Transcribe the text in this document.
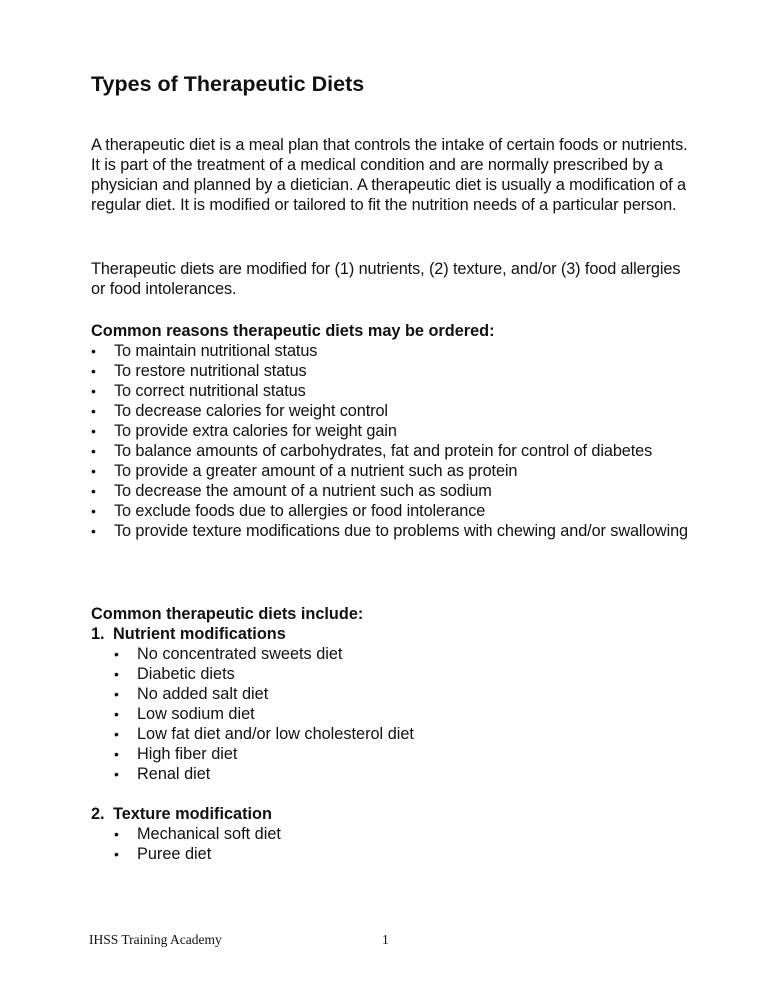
Types of Therapeutic Diets

A therapeutic diet is a meal plan that controls the intake of certain foods or nutrients. It is part of the treatment of a medical condition and are normally prescribed by a physician and planned by a dietician. A therapeutic diet is usually a modification of a regular diet. It is modified or tailored to fit the nutrition needs of a particular person.

Therapeutic diets are modified for (1) nutrients, (2) texture, and/or (3) food allergies or food intolerances.

Common reasons therapeutic diets may be ordered:
• To maintain nutritional status
• To restore nutritional status
• To correct nutritional status
• To decrease calories for weight control
• To provide extra calories for weight gain
• To balance amounts of carbohydrates, fat and protein for control of diabetes
• To provide a greater amount of a nutrient such as protein
• To decrease the amount of a nutrient such as sodium
• To exclude foods due to allergies or food intolerance
• To provide texture modifications due to problems with chewing and/or swallowing
Common therapeutic diets include:
1. Nutrient modifications
• No concentrated sweets diet
• Diabetic diets
• No added salt diet
• Low sodium diet
• Low fat diet and/or low cholesterol diet
• High fiber diet
• Renal diet
2. Texture modification
• Mechanical soft diet
• Puree diet
IHSS Training Academy	1
